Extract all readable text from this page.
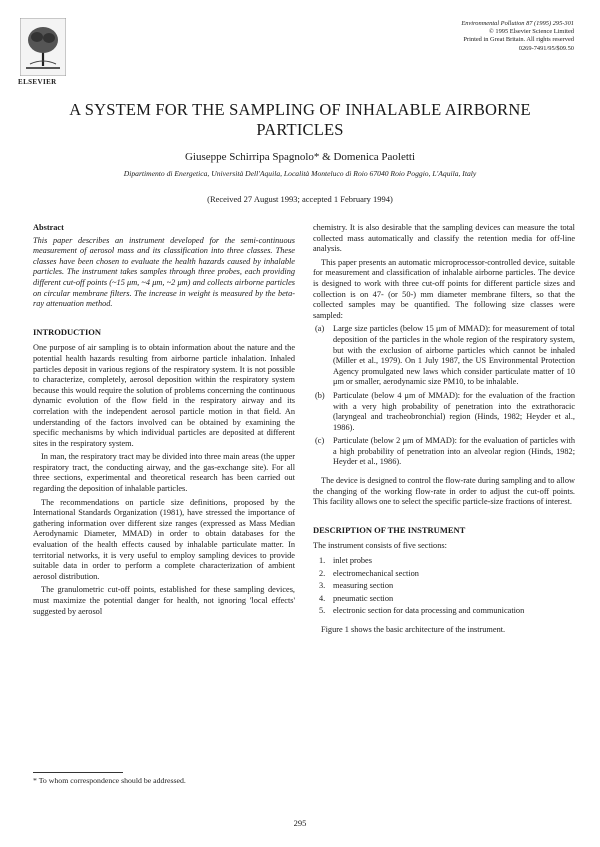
ELSEVIER
Environmental Pollution 87 (1995) 295-301
© 1995 Elsevier Science Limited
Printed in Great Britain. All rights reserved
0269-7491/95/$09.50
A SYSTEM FOR THE SAMPLING OF INHALABLE AIRBORNE PARTICLES
Giuseppe Schirripa Spagnolo* & Domenica Paoletti
Dipartimento di Energetica, Università Dell'Aquila, Località Monteluco di Roio 67040 Roio Poggio, L'Aquila, Italy
(Received 27 August 1993; accepted 1 February 1994)
Abstract

This paper describes an instrument developed for the semi-continuous measurement of aerosol mass and its classification into three classes. These classes have been chosen to evaluate the health hazards caused by inhalable particles. The instrument takes samples through three probes, each providing different cut-off points (~15 μm, ~4 μm, ~2 μm) and collects airborne particles on circular membrane filters. The increase in weight is measured by the beta-ray attenuation method.

INTRODUCTION

One purpose of air sampling is to obtain information about the nature and the potential health hazards resulting from airborne particle inhalation. Inhaled particles deposit in various regions of the respiratory system. It is not possible to characterize, completely, aerosol deposition within the respiratory system because this would require the solution of problems concerning the continuous dynamic evolution of the flow field in the respiratory airway and its correlation with the independent aerosol particle motion in that field. An understanding of the factors involved can be obtained by examining the specific mechanisms by which individual particles are deposited at different sites in the respiratory system.

In man, the respiratory tract may be divided into three main areas (the upper respiratory tract, the conducting airway, and the gas-exchange site). For all three sections, experimental and theoretical research has been carried out regarding the deposition of inhalable particles.

The recommendations on particle size definitions, proposed by the International Standards Organization (1981), have stressed the importance of gathering information over different size ranges (expressed as Mass Median Aerodynamic Diameter, MMAD) in order to obtain databases for the evaluation of the health effects caused by inhalable particulate matter. In territorial networks, it is very useful to employ sampling devices to provide suitable data in order to perform a complete characterization of ambient aerosol distribution.

The granulometric cut-off points, established for these sampling devices, must maximize the potential danger for health, not ignoring 'local effects' suggested by aerosol

chemistry. It is also desirable that the sampling devices can measure the total collected mass automatically and classify the retention media for off-line analysis.

This paper presents an automatic microprocessor-controlled device, suitable for measurement and classification of inhalable airborne particles. The device is designed to work with three cut-off points for different particle sizes and collection is on 47- (or 50-) mm diameter membrane filters, so that the collected samples may be quantified. The following size classes were sampled:

(a) Large size particles (below 15 μm of MMAD): for measurement of total deposition of the particles in the whole region of the respiratory system, but with the exclusion of airborne particles which cannot be inhaled (Miller et al., 1979). On 1 July 1987, the US Environmental Protection Agency promulgated new laws which consider particulate matter of 10 μm or smaller, aerodynamic size PM10, to be inhalable.
(b) Particulate (below 4 μm of MMAD): for the evaluation of the fraction with a very high probability of penetration into the extrathoracic (laryngeal and tracheobronchial) region (Hinds, 1982; Heyder et al., 1986).
(c) Particulate (below 2 μm of MMAD): for the evaluation of particles with a high probability of penetration into an alveolar region (Hinds, 1982; Heyder et al., 1986).

The device is designed to control the flow-rate during sampling and to allow the changing of the working flow-rate in order to adjust the cut-off points. This facility allows one to select the specific particle-size fractions of interest.

DESCRIPTION OF THE INSTRUMENT

The instrument consists of five sections:

1. inlet probes
2. electromechanical section
3. measuring section
4. pneumatic section
5. electronic section for data processing and communication

Figure 1 shows the basic architecture of the instrument.

* To whom correspondence should be addressed.
295
